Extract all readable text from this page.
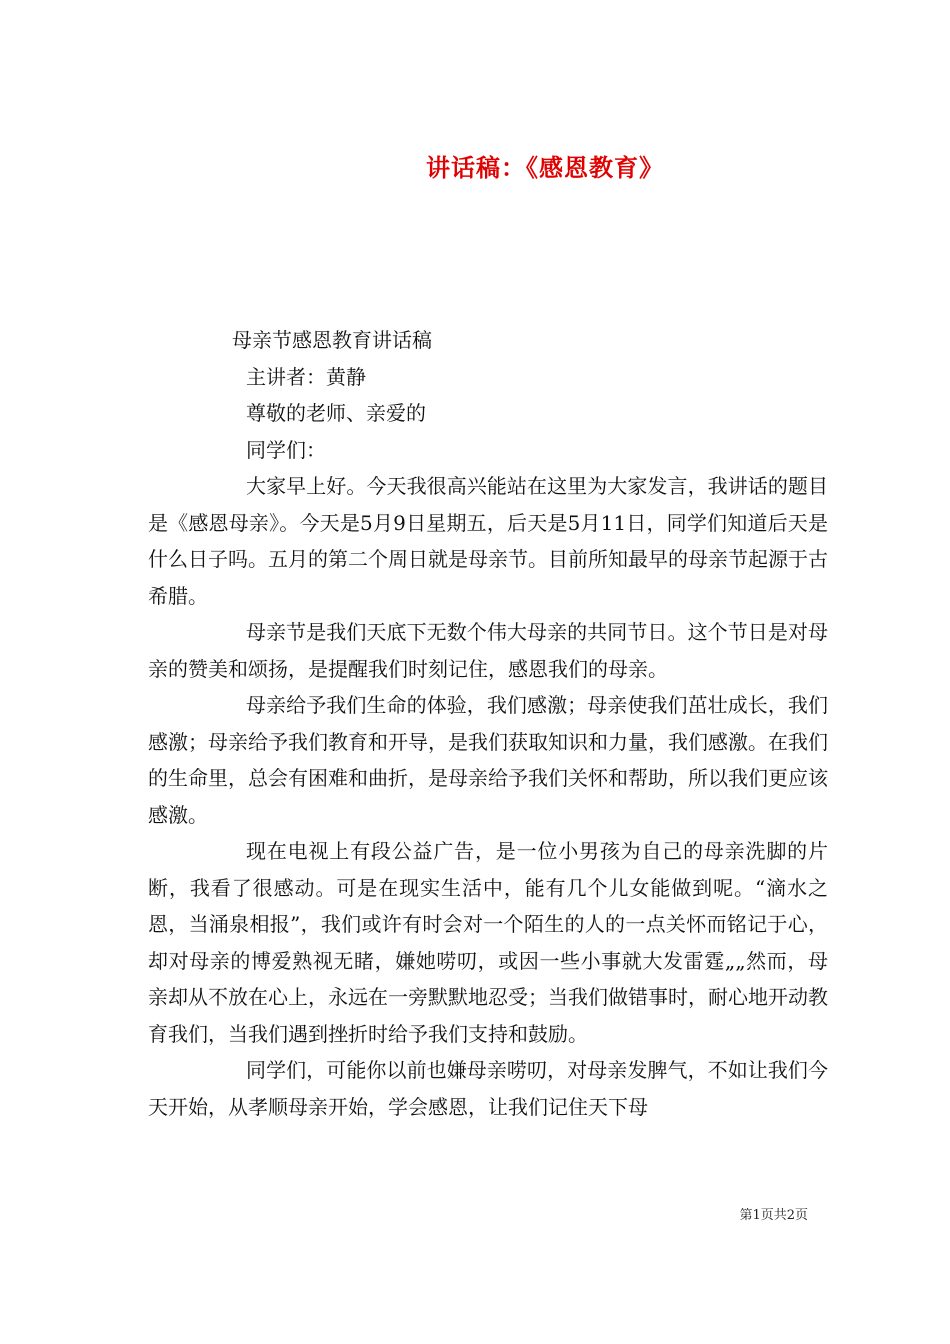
讲话稿：《感恩教育》

母亲节感恩教育讲话稿

主讲者：黄静

尊敬的老师、亲爱的

同学们：

大家早上好。今天我很高兴能站在这里为大家发言，我讲话的题目是《感恩母亲》。今天是5月9日星期五，后天是5月11日，同学们知道后天是什么日子吗。五月的第二个周日就是母亲节。目前所知最早的母亲节起源于古希腊。

母亲节是我们天底下无数个伟大母亲的共同节日。这个节日是对母亲的赞美和颂扬，是提醒我们时刻记住，感恩我们的母亲。

母亲给予我们生命的体验，我们感激；母亲使我们茁壮成长，我们感激；母亲给予我们教育和开导，是我们获取知识和力量，我们感激。在我们的生命里，总会有困难和曲折，是母亲给予我们关怀和帮助，所以我们更应该感激。

现在电视上有段公益广告，是一位小男孩为自己的母亲洗脚的片断，我看了很感动。可是在现实生活中，能有几个儿女能做到呢。“滴水之恩，当涌泉相报”，我们或许有时会对一个陌生的人的一点关怀而铭记于心，却对母亲的博爱熟视无睹，嫌她唠叨，或因一些小事就大发雷霆„„然而，母亲却从不放在心上，永远在一旁默默地忍受；当我们做错事时，耐心地开动教育我们，当我们遇到挫折时给予我们支持和鼓励。

同学们，可能你以前也嫌母亲唠叨，对母亲发脾气，不如让我们今天开始，从孝顺母亲开始，学会感恩，让我们记住天下母

第1页共2页
